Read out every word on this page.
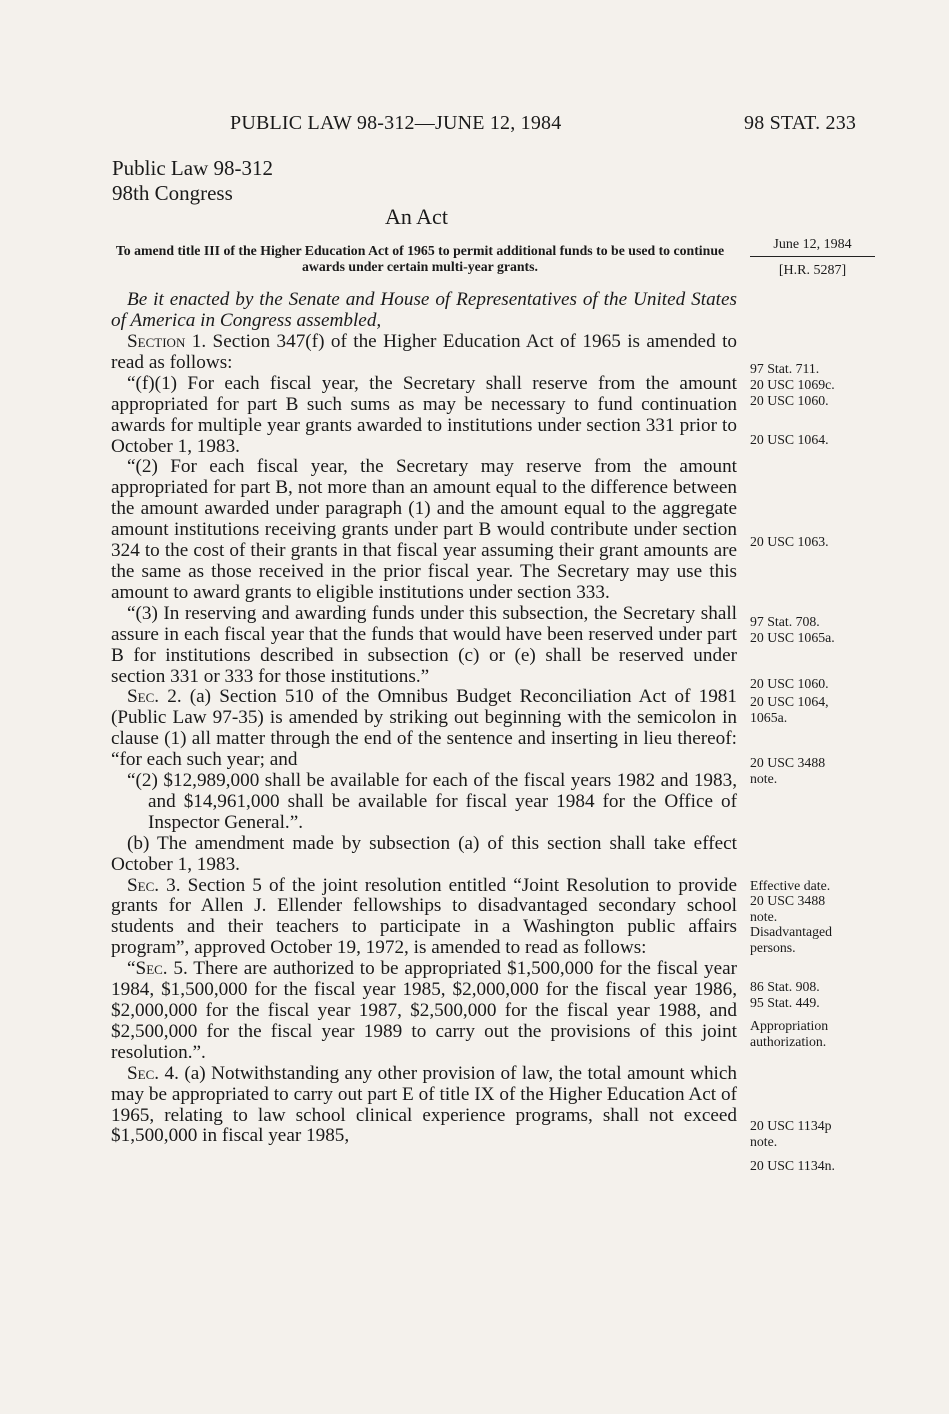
PUBLIC LAW 98-312—JUNE 12, 1984	98 STAT. 233
Public Law 98-312
98th Congress
An Act
To amend title III of the Higher Education Act of 1965 to permit additional funds to be used to continue awards under certain multi-year grants.
June 12, 1984
[H.R. 5287]

Be it enacted by the Senate and House of Representatives of the United States of America in Congress assembled,

Section 1. Section 347(f) of the Higher Education Act of 1965 is amended to read as follows:

“(f)(1) For each fiscal year, the Secretary shall reserve from the amount appropriated for part B such sums as may be necessary to fund continuation awards for multiple year grants awarded to institutions under section 331 prior to October 1, 1983.

“(2) For each fiscal year, the Secretary may reserve from the amount appropriated for part B, not more than an amount equal to the difference between the amount awarded under paragraph (1) and the amount equal to the aggregate amount institutions receiving grants under part B would contribute under section 324 to the cost of their grants in that fiscal year assuming their grant amounts are the same as those received in the prior fiscal year. The Secretary may use this amount to award grants to eligible institutions under section 333.

“(3) In reserving and awarding funds under this subsection, the Secretary shall assure in each fiscal year that the funds that would have been reserved under part B for institutions described in subsection (c) or (e) shall be reserved under section 331 or 333 for those institutions.”

Sec. 2. (a) Section 510 of the Omnibus Budget Reconciliation Act of 1981 (Public Law 97-35) is amended by striking out beginning with the semicolon in clause (1) all matter through the end of the sentence and inserting in lieu thereof: “for each such year; and

“(2) $12,989,000 shall be available for each of the fiscal years 1982 and 1983, and $14,961,000 shall be available for fiscal year 1984 for the Office of Inspector General.”.

(b) The amendment made by subsection (a) of this section shall take effect October 1, 1983.

Sec. 3. Section 5 of the joint resolution entitled “Joint Resolution to provide grants for Allen J. Ellender fellowships to disadvantaged secondary school students and their teachers to participate in a Washington public affairs program”, approved October 19, 1972, is amended to read as follows:

“Sec. 5. There are authorized to be appropriated $1,500,000 for the fiscal year 1984, $1,500,000 for the fiscal year 1985, $2,000,000 for the fiscal year 1986, $2,000,000 for the fiscal year 1987, $2,500,000 for the fiscal year 1988, and $2,500,000 for the fiscal year 1989 to carry out the provisions of this joint resolution.”.

Sec. 4. (a) Notwithstanding any other provision of law, the total amount which may be appropriated to carry out part E of title IX of the Higher Education Act of 1965, relating to law school clinical experience programs, shall not exceed $1,500,000 in fiscal year 1985,

97 Stat. 711.
20 USC 1069c.
20 USC 1060.
20 USC 1064.
20 USC 1063.
97 Stat. 708.
20 USC 1065a.
20 USC 1060.
20 USC 1064,
1065a.
20 USC 3488
note.
Effective date.
20 USC 3488
note.
Disadvantaged
persons.
86 Stat. 908.
95 Stat. 449.
Appropriation
authorization.
20 USC 1134p
note.
20 USC 1134n.
